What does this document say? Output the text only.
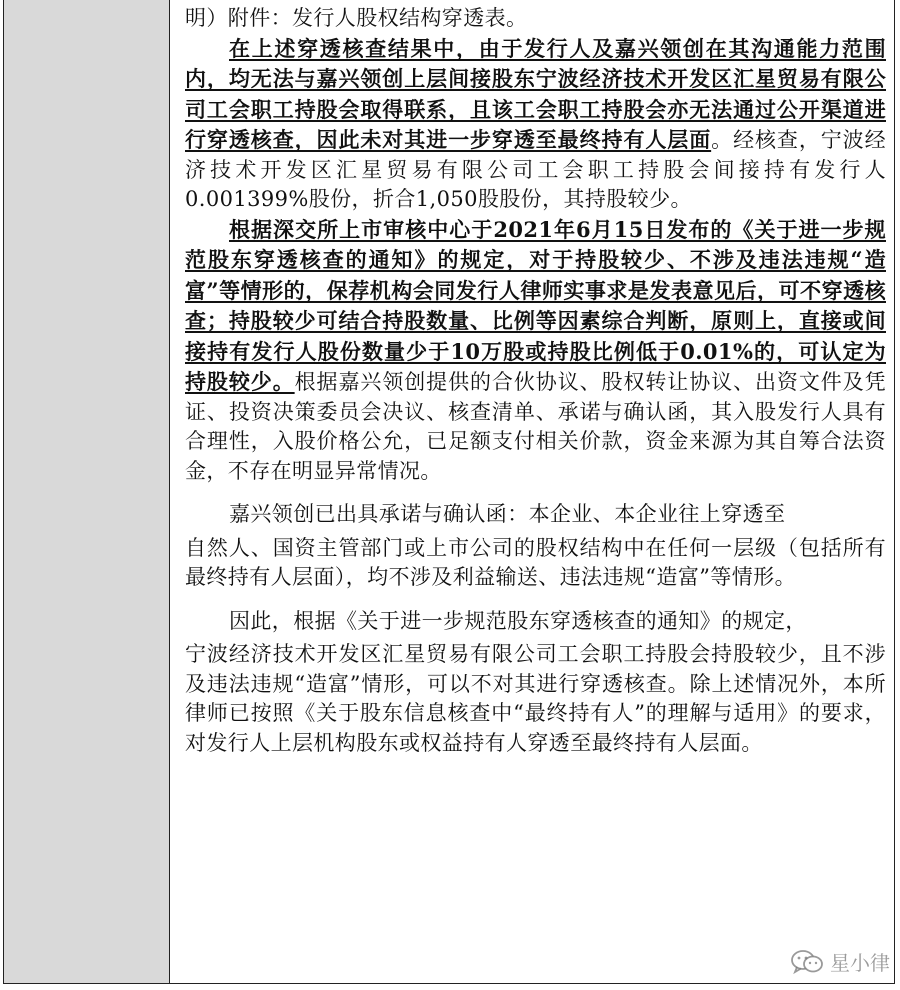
明）附件：发行人股权结构穿透表。

在上述穿透核查结果中，由于发行人及嘉兴领创在其沟通能力范围内，均无法与嘉兴领创上层间接股东宁波经济技术开发区汇星贸易有限公司工会职工持股会取得联系，且该工会职工持股会亦无法通过公开渠道进行穿透核查，因此未对其进一步穿透至最终持有人层面。经核查，宁波经济技术开发区汇星贸易有限公司工会职工持股会间接持有发行人0.001399%股份，折合1,050股股份，其持股较少。

根据深交所上市审核中心于2021年6月15日发布的《关于进一步规范股东穿透核查的通知》的规定，对于持股较少、不涉及违法违规“造富”等情形的，保荐机构会同发行人律师实事求是发表意见后，可不穿透核查；持股较少可结合持股数量、比例等因素综合判断，原则上，直接或间接持有发行人股份数量少于10万股或持股比例低于0.01%的，可认定为持股较少。根据嘉兴领创提供的合伙协议、股权转让协议、出资文件及凭证、投资决策委员会决议、核查清单、承诺与确认函，其入股发行人具有合理性，入股价格公允，已足额支付相关价款，资金来源为其自筹合法资金，不存在明显异常情况。

嘉兴领创已出具承诺与确认函：本企业、本企业往上穿透至

自然人、国资主管部门或上市公司的股权结构中在任何一层级（包括所有最终持有人层面），均不涉及利益输送、违法违规“造富”等情形。

因此，根据《关于进一步规范股东穿透核查的通知》的规定，

宁波经济技术开发区汇星贸易有限公司工会职工持股会持股较少，且不涉及违法违规“造富”情形，可以不对其进行穿透核查。除上述情况外，本所律师已按照《关于股东信息核查中“最终持有人”的理解与适用》的要求，对发行人上层机构股东或权益持有人穿透至最终持有人层面。

星小律
